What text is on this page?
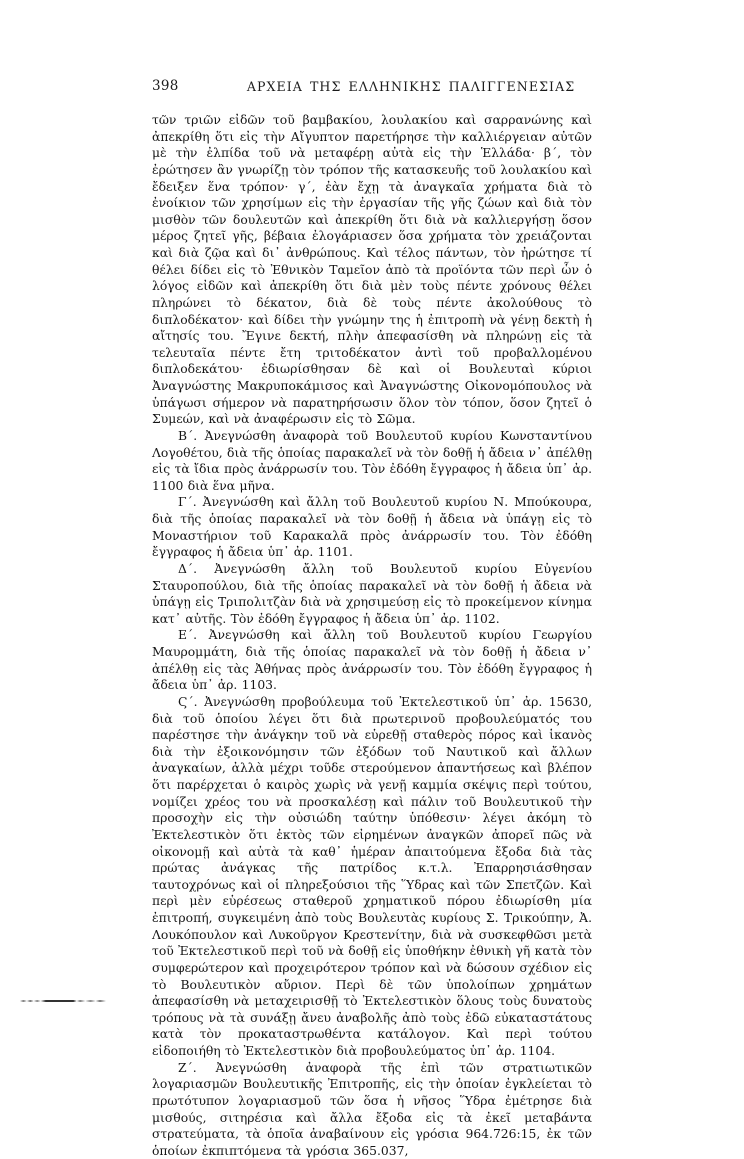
398	ΑΡΧΕΙΑ ΤΗΣ ΕΛΛΗΝΙΚΗΣ ΠΑΛΙΓΓΕΝΕΣΙΑΣ

τῶν τριῶν εἰδῶν τοῦ βαμβακίου, λουλακίου καὶ σαρρανώνης καὶ ἀπεκρίθη ὅτι εἰς τὴν Αἴγυπτον παρετήρησε τὴν καλλιέργειαν αὐτῶν μὲ τὴν ἐλπίδα τοῦ νὰ μεταφέρῃ αὐτὰ εἰς τὴν Ἑλλάδα· β΄, τὸν ἐρώτησεν ἂν γνωρίζῃ τὸν τρόπον τῆς κατασκευῆς τοῦ λουλακίου καὶ ἔδειξεν ἕνα τρόπον· γ΄, ἐὰν ἔχῃ τὰ ἀναγκαῖα χρήματα διὰ τὸ ἐνοίκιον τῶν χρησίμων εἰς τὴν ἐργασίαν τῆς γῆς ζώων καὶ διὰ τὸν μισθὸν τῶν δουλευτῶν καὶ ἀπεκρίθη ὅτι διὰ νὰ καλλιεργήσῃ ὅσον μέρος ζητεῖ γῆς, βέβαια ἐλογάριασεν ὅσα χρήματα τὸν χρειάζονται καὶ διὰ ζῷα καὶ δι᾽ ἀνθρώπους. Καὶ τέλος πάντων, τὸν ἠρώτησε τί θέλει δίδει εἰς τὸ Ἐθνικὸν Ταμεῖον ἀπὸ τὰ προϊόντα τῶν περὶ ὧν ὁ λόγος εἰδῶν καὶ ἀπεκρίθη ὅτι διὰ μὲν τοὺς πέντε χρόνους θέλει πληρώνει τὸ δέκατον, διὰ δὲ τοὺς πέντε ἀκολούθους τὸ διπλοδέκατον· καὶ δίδει τὴν γνώμην της ἡ ἐπιτροπὴ νὰ γένῃ δεκτὴ ἡ αἴτησίς του. Ἔγινε δεκτή, πλὴν ἀπεφασίσθη νὰ πληρώνῃ εἰς τὰ τελευταῖα πέντε ἔτη τριτοδέκατον ἀντὶ τοῦ προβαλλομένου διπλοδεκάτου· ἐδιωρίσθησαν δὲ καὶ οἱ Βουλευταὶ κύριοι Ἀναγνώστης Μακρυποκάμισος καὶ Ἀναγνώστης Οἰκονομόπουλος νὰ ὑπάγωσι σήμερον νὰ παρατηρήσωσιν ὅλον τὸν τόπον, ὅσον ζητεῖ ὁ Συμεών, καὶ νὰ ἀναφέρωσιν εἰς τὸ Σῶμα.

Β΄. Ἀνεγνώσθη ἀναφορὰ τοῦ Βουλευτοῦ κυρίου Κωνσταντίνου Λογοθέτου, διὰ τῆς ὁποίας παρακαλεῖ νὰ τὸν δοθῇ ἡ ἄδεια ν᾽ ἀπέλθῃ εἰς τὰ ἴδια πρὸς ἀνάρρωσίν του. Τὸν ἐδόθη ἔγγραφος ἡ ἄδεια ὑπ᾽ ἀρ. 1100 διὰ ἕνα μῆνα.

Γ΄. Ἀνεγνώσθη καὶ ἄλλη τοῦ Βουλευτοῦ κυρίου Ν. Μπούκουρα, διὰ τῆς ὁποίας παρακαλεῖ νὰ τὸν δοθῇ ἡ ἄδεια νὰ ὑπάγῃ εἰς τὸ Μοναστήριον τοῦ Καρακαλᾶ πρὸς ἀνάρρωσίν του. Τὸν ἐδόθη ἔγγραφος ἡ ἄδεια ὑπ᾽ ἀρ. 1101.

Δ΄. Ἀνεγνώσθη ἄλλη τοῦ Βουλευτοῦ κυρίου Εὐγενίου Σταυροπούλου, διὰ τῆς ὁποίας παρακαλεῖ νὰ τὸν δοθῇ ἡ ἄδεια νὰ ὑπάγῃ εἰς Τριπολιτζὰν διὰ νὰ χρησιμεύσῃ εἰς τὸ προκείμενον κίνημα κατ᾽ αὐτῆς. Τὸν ἐδόθη ἔγγραφος ἡ ἄδεια ὑπ᾽ ἀρ. 1102.

Ε΄. Ἀνεγνώσθη καὶ ἄλλη τοῦ Βουλευτοῦ κυρίου Γεωργίου Μαυρομμάτη, διὰ τῆς ὁποίας παρακαλεῖ νὰ τὸν δοθῇ ἡ ἄδεια ν᾽ ἀπέλθῃ εἰς τὰς Ἀθήνας πρὸς ἀνάρρωσίν του. Τὸν ἐδόθη ἔγγραφος ἡ ἄδεια ὑπ᾽ ἀρ. 1103.

Ϛ΄. Ἀνεγνώσθη προβούλευμα τοῦ Ἐκτελεστικοῦ ὑπ᾽ ἀρ. 15630, διὰ τοῦ ὁποίου λέγει ὅτι διὰ πρωτερινοῦ προβουλεύματός του παρέστησε τὴν ἀνάγκην τοῦ νὰ εὑρεθῇ σταθερὸς πόρος καὶ ἱκανὸς διὰ τὴν ἐξοικονόμησιν τῶν ἐξόδων τοῦ Ναυτικοῦ καὶ ἄλλων ἀναγκαίων, ἀλλὰ μέχρι τοῦδε στερούμενον ἀπαντήσεως καὶ βλέπον ὅτι παρέρχεται ὁ καιρὸς χωρὶς νὰ γενῇ καμμία σκέψις περὶ τούτου, νομίζει χρέος του νὰ προσκαλέσῃ καὶ πάλιν τοῦ Βουλευτικοῦ τὴν προσοχὴν εἰς τὴν οὐσιώδη ταύτην ὑπόθεσιν· λέγει ἀκόμη τὸ Ἐκτελεστικὸν ὅτι ἐκτὸς τῶν εἰρημένων ἀναγκῶν ἀπορεῖ πῶς νὰ οἰκονομῇ καὶ αὐτὰ τὰ καθ᾽ ἡμέραν ἀπαιτούμενα ἔξοδα διὰ τὰς πρώτας ἀνάγκας τῆς πατρίδος κ.τ.λ. Ἐπαρρησιάσθησαν ταυτοχρόνως καὶ οἱ πληρεξούσιοι τῆς Ὕδρας καὶ τῶν Σπετζῶν. Καὶ περὶ μὲν εὑρέσεως σταθεροῦ χρηματικοῦ πόρου ἐδιωρίσθη μία ἐπιτροπή, συγκειμένη ἀπὸ τοὺς Βουλευτὰς κυρίους Σ. Τρικούπην, Ἀ. Λουκόπουλον καὶ Λυκοῦργον Κρεστενίτην, διὰ νὰ συσκεφθῶσι μετὰ τοῦ Ἐκτελεστικοῦ περὶ τοῦ νὰ δοθῇ εἰς ὑποθήκην ἐθνικὴ γῆ κατὰ τὸν συμφερώτερον καὶ προχειρότερον τρόπον καὶ νὰ δώσουν σχέδιον εἰς τὸ Βουλευτικὸν αὔριον. Περὶ δὲ τῶν ὑπολοίπων χρημάτων ἀπεφασίσθη νὰ μεταχειρισθῇ τὸ Ἐκτελεστικὸν ὅλους τοὺς δυνατοὺς τρόπους νὰ τὰ συνάξῃ ἄνευ ἀναβολῆς ἀπὸ τοὺς ἐδῶ εὐκαταστάτους κατὰ τὸν προκαταστρωθέντα κατάλογον. Καὶ περὶ τούτου εἰδοποιήθη τὸ Ἐκτελεστικὸν διὰ προβουλεύματος ὑπ᾽ ἀρ. 1104.

Ζ΄. Ἀνεγνώσθη ἀναφορὰ τῆς ἐπὶ τῶν στρατιωτικῶν λογαριασμῶν Βουλευτικῆς Ἐπιτροπῆς, εἰς τὴν ὁποίαν ἐγκλείεται τὸ πρωτότυπον λογαριασμοῦ τῶν ὅσα ἡ νῆσος Ὕδρα ἐμέτρησε διὰ μισθούς, σιτηρέσια καὶ ἄλλα ἔξοδα εἰς τὰ ἐκεῖ μεταβάντα στρατεύματα, τὰ ὁποῖα ἀναβαίνουν εἰς γρόσια 964.726:15, ἐκ τῶν ὁποίων ἐκπιπτόμενα τὰ γρόσια 365.037,
